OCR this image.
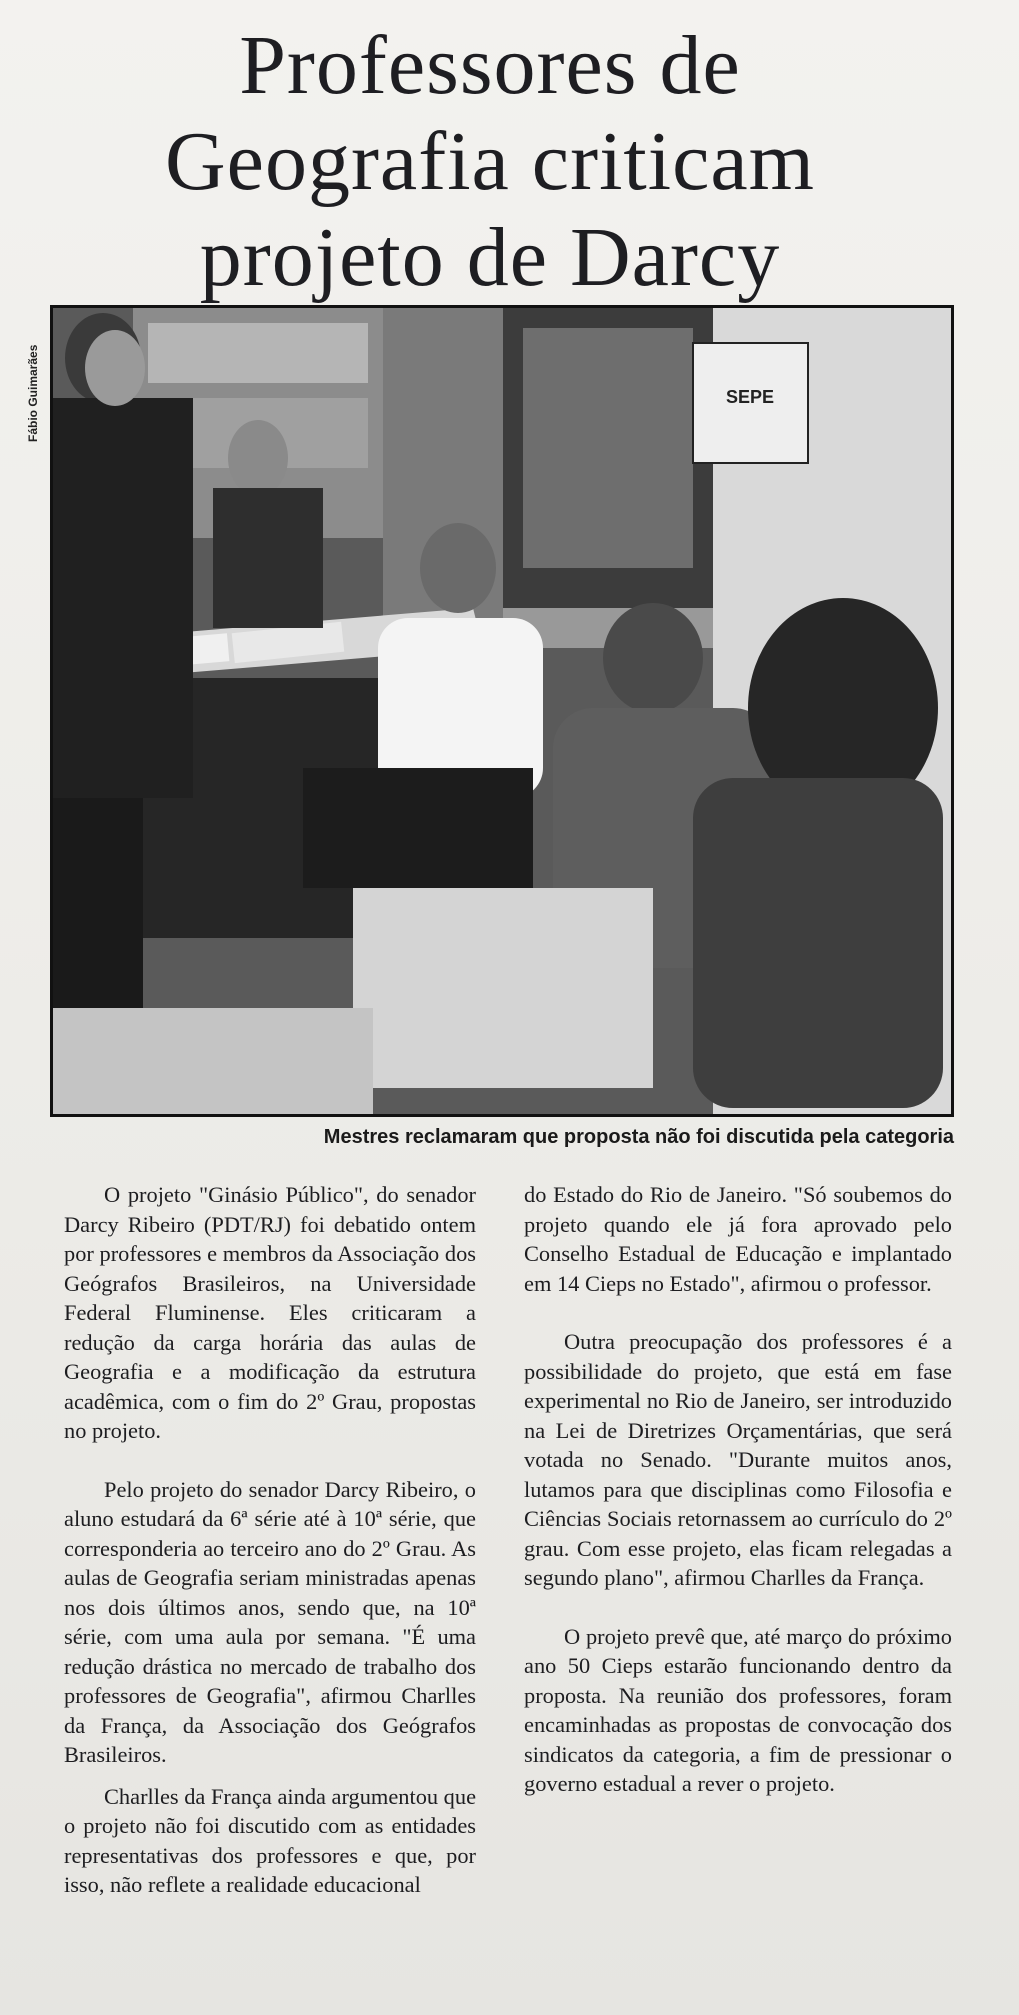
Professores de
Geografia criticam
projeto de Darcy
Fábio Guimarães	SEPE

Mestres reclamaram que proposta não foi discutida pela categoria

O projeto "Ginásio Público", do senador Darcy Ribeiro (PDT/RJ) foi debatido ontem por professores e membros da Associação dos Geógrafos Brasileiros, na Universidade Federal Fluminense. Eles criticaram a redução da carga horária das aulas de Geografia e a modificação da estrutura acadêmica, com o fim do 2º Grau, propostas no projeto.

Pelo projeto do senador Darcy Ribeiro, o aluno estudará da 6ª série até à 10ª série, que corresponderia ao terceiro ano do 2º Grau. As aulas de Geografia seriam ministradas apenas nos dois últimos anos, sendo que, na 10ª série, com uma aula por semana. "É uma redução drástica no mercado de trabalho dos professores de Geografia", afirmou Charlles da França, da Associação dos Geógrafos Brasileiros.

Charlles da França ainda argumentou que o projeto não foi discutido com as entidades representativas dos professores e que, por isso, não reflete a realidade educacional

do Estado do Rio de Janeiro. "Só soubemos do projeto quando ele já fora aprovado pelo Conselho Estadual de Educação e implantado em 14 Cieps no Estado", afirmou o professor.

Outra preocupação dos professores é a possibilidade do projeto, que está em fase experimental no Rio de Janeiro, ser introduzido na Lei de Diretrizes Orçamentárias, que será votada no Senado. "Durante muitos anos, lutamos para que disciplinas como Filosofia e Ciências Sociais retornassem ao currículo do 2º grau. Com esse projeto, elas ficam relegadas a segundo plano", afirmou Charlles da França.

O projeto prevê que, até março do próximo ano 50 Cieps estarão funcionando dentro da proposta. Na reunião dos professores, foram encaminhadas as propostas de convocação dos sindicatos da categoria, a fim de pressionar o governo estadual a rever o projeto.
